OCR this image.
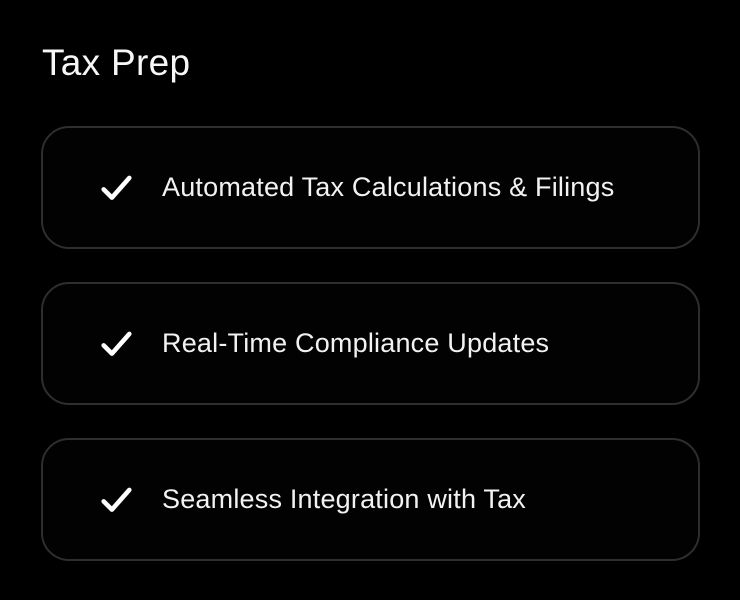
Tax Prep
Automated Tax Calculations & Filings
Real-Time Compliance Updates
Seamless Integration with Tax
